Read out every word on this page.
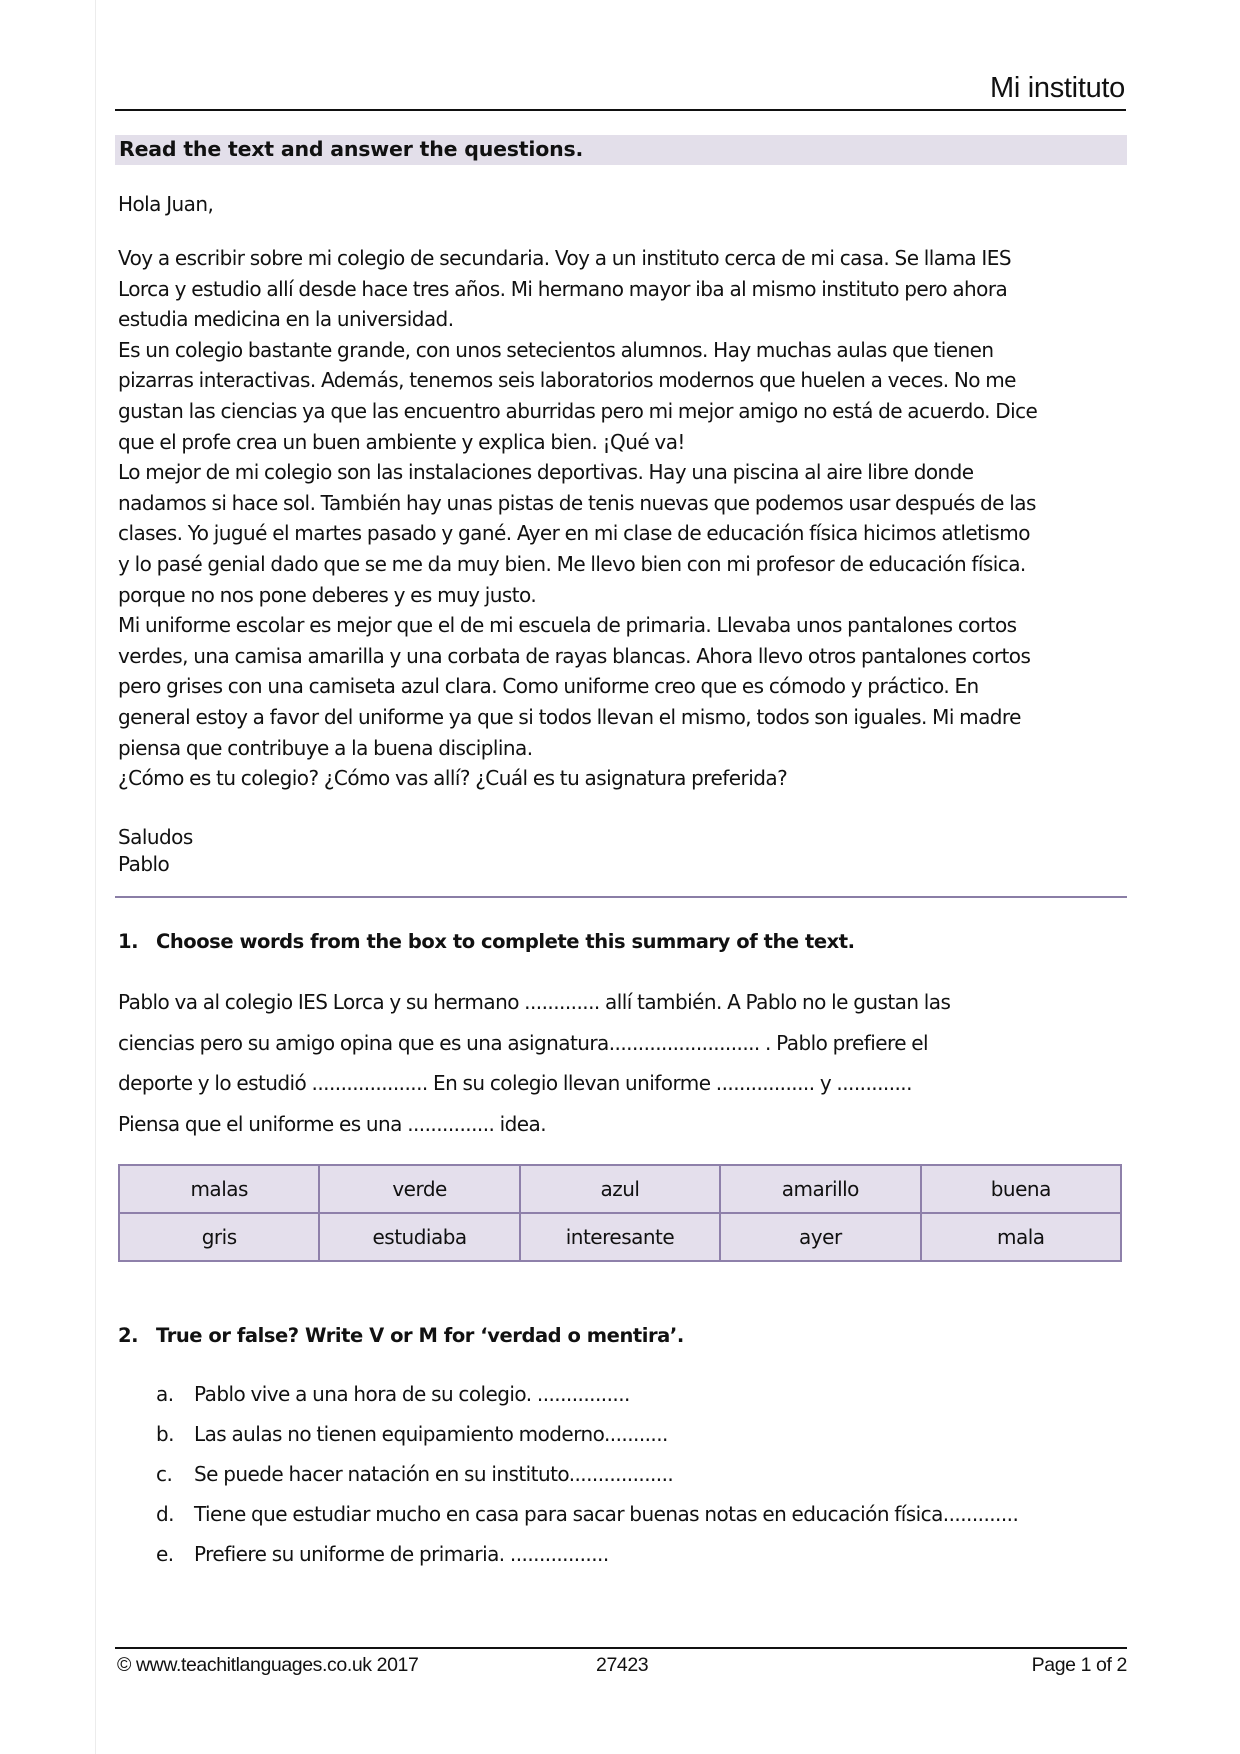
Mi instituto
Read the text and answer the questions.
Hola Juan,

Voy a escribir sobre mi colegio de secundaria. Voy a un instituto cerca de mi casa. Se llama IES

Lorca y estudio allí desde hace tres años. Mi hermano mayor iba al mismo instituto pero ahora

estudia medicina en la universidad.

Es un colegio bastante grande, con unos setecientos alumnos. Hay muchas aulas que tienen

pizarras interactivas. Además, tenemos seis laboratorios modernos que huelen a veces. No me

gustan las ciencias ya que las encuentro aburridas pero mi mejor amigo no está de acuerdo. Dice

que el profe crea un buen ambiente y explica bien. ¡Qué va!

Lo mejor de mi colegio son las instalaciones deportivas. Hay una piscina al aire libre donde

nadamos si hace sol. También hay unas pistas de tenis nuevas que podemos usar después de las

clases. Yo jugué el martes pasado y gané. Ayer en mi clase de educación física hicimos atletismo

y lo pasé genial dado que se me da muy bien. Me llevo bien con mi profesor de educación física.

porque no nos pone deberes y es muy justo.

Mi uniforme escolar es mejor que el de mi escuela de primaria. Llevaba unos pantalones cortos

verdes, una camisa amarilla y una corbata de rayas blancas. Ahora llevo otros pantalones cortos

pero grises con una camiseta azul clara. Como uniforme creo que es cómodo y práctico. En

general estoy a favor del uniforme ya que si todos llevan el mismo, todos son iguales. Mi madre

piensa que contribuye a la buena disciplina.

¿Cómo es tu colegio? ¿Cómo vas allí? ¿Cuál es tu asignatura preferida?

Saludos
Pablo
1. Choose words from the box to complete this summary of the text.
Pablo va al colegio IES Lorca y su hermano ............. allí también. A Pablo no le gustan las
ciencias pero su amigo opina que es una asignatura.......................... . Pablo prefiere el
deporte y lo estudió .................... En su colegio llevan uniforme ................. y .............
Piensa que el uniforme es una ............... idea.
malas	verde	azul	amarillo	buena
gris	estudiaba	interesante	ayer	mala
2. True or false? Write V or M for ‘verdad o mentira’.
a. Pablo vive a una hora de su colegio. ................
b. Las aulas no tienen equipamiento moderno...........
c. Se puede hacer natación en su instituto..................
d. Tiene que estudiar mucho en casa para sacar buenas notas en educación física.............
e. Prefiere su uniforme de primaria. .................
© www.teachitlanguages.co.uk 2017	27423	Page 1 of 2
